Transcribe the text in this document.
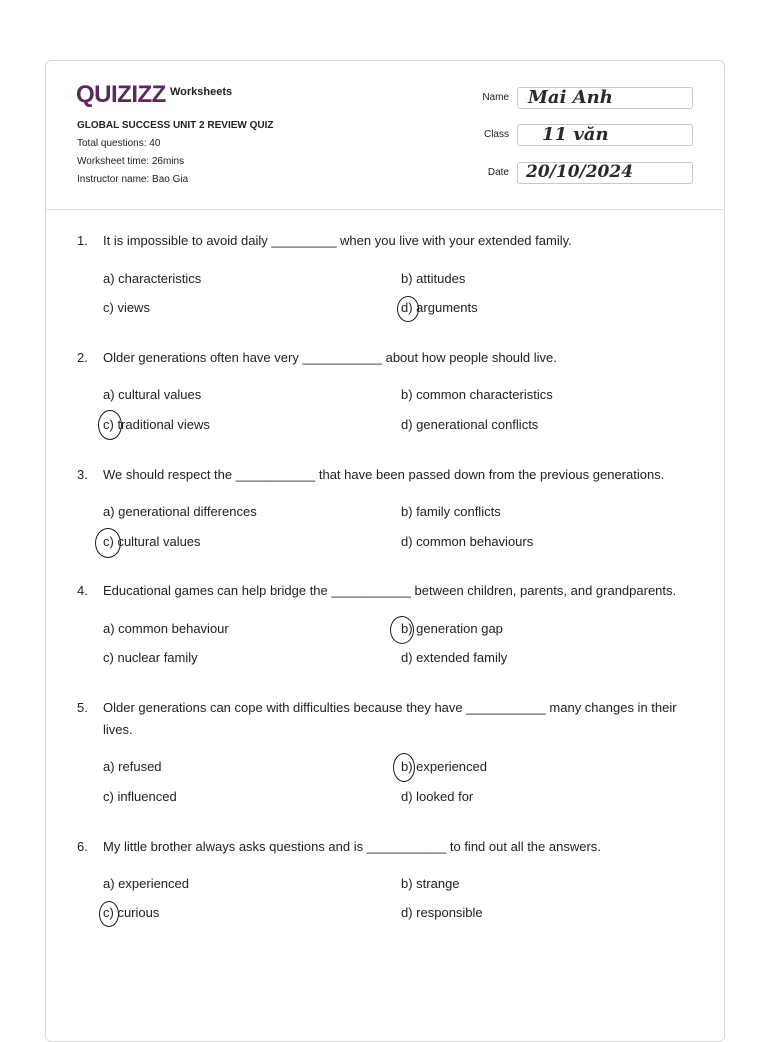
QUIZIZZ Worksheets
GLOBAL SUCCESS UNIT 2 REVIEW QUIZ
Total questions: 40
Worksheet time: 26mins
Instructor name: Bao Gia
Name Mai Anh
Class 11 văn
Date 20/10/2024
1.	It is impossible to avoid daily _________ when you live with your extended family.
a) characteristics	b) attitudes
c) views	d) arguments
2.	Older generations often have very ___________ about how people should live.
a) cultural values	b) common characteristics
c) traditional views	d) generational conflicts
3.	We should respect the ___________ that have been passed down from the previous generations.
a) generational differences	b) family conflicts
c) cultural values	d) common behaviours
4.	Educational games can help bridge the ___________ between children, parents, and grandparents.
a) common behaviour	b) generation gap
c) nuclear family	d) extended family
5.	Older generations can cope with difficulties because they have ___________ many changes in their lives.
a) refused	b) experienced
c) influenced	d) looked for
6.	My little brother always asks questions and is ___________ to find out all the answers.
a) experienced	b) strange
c) curious	d) responsible
